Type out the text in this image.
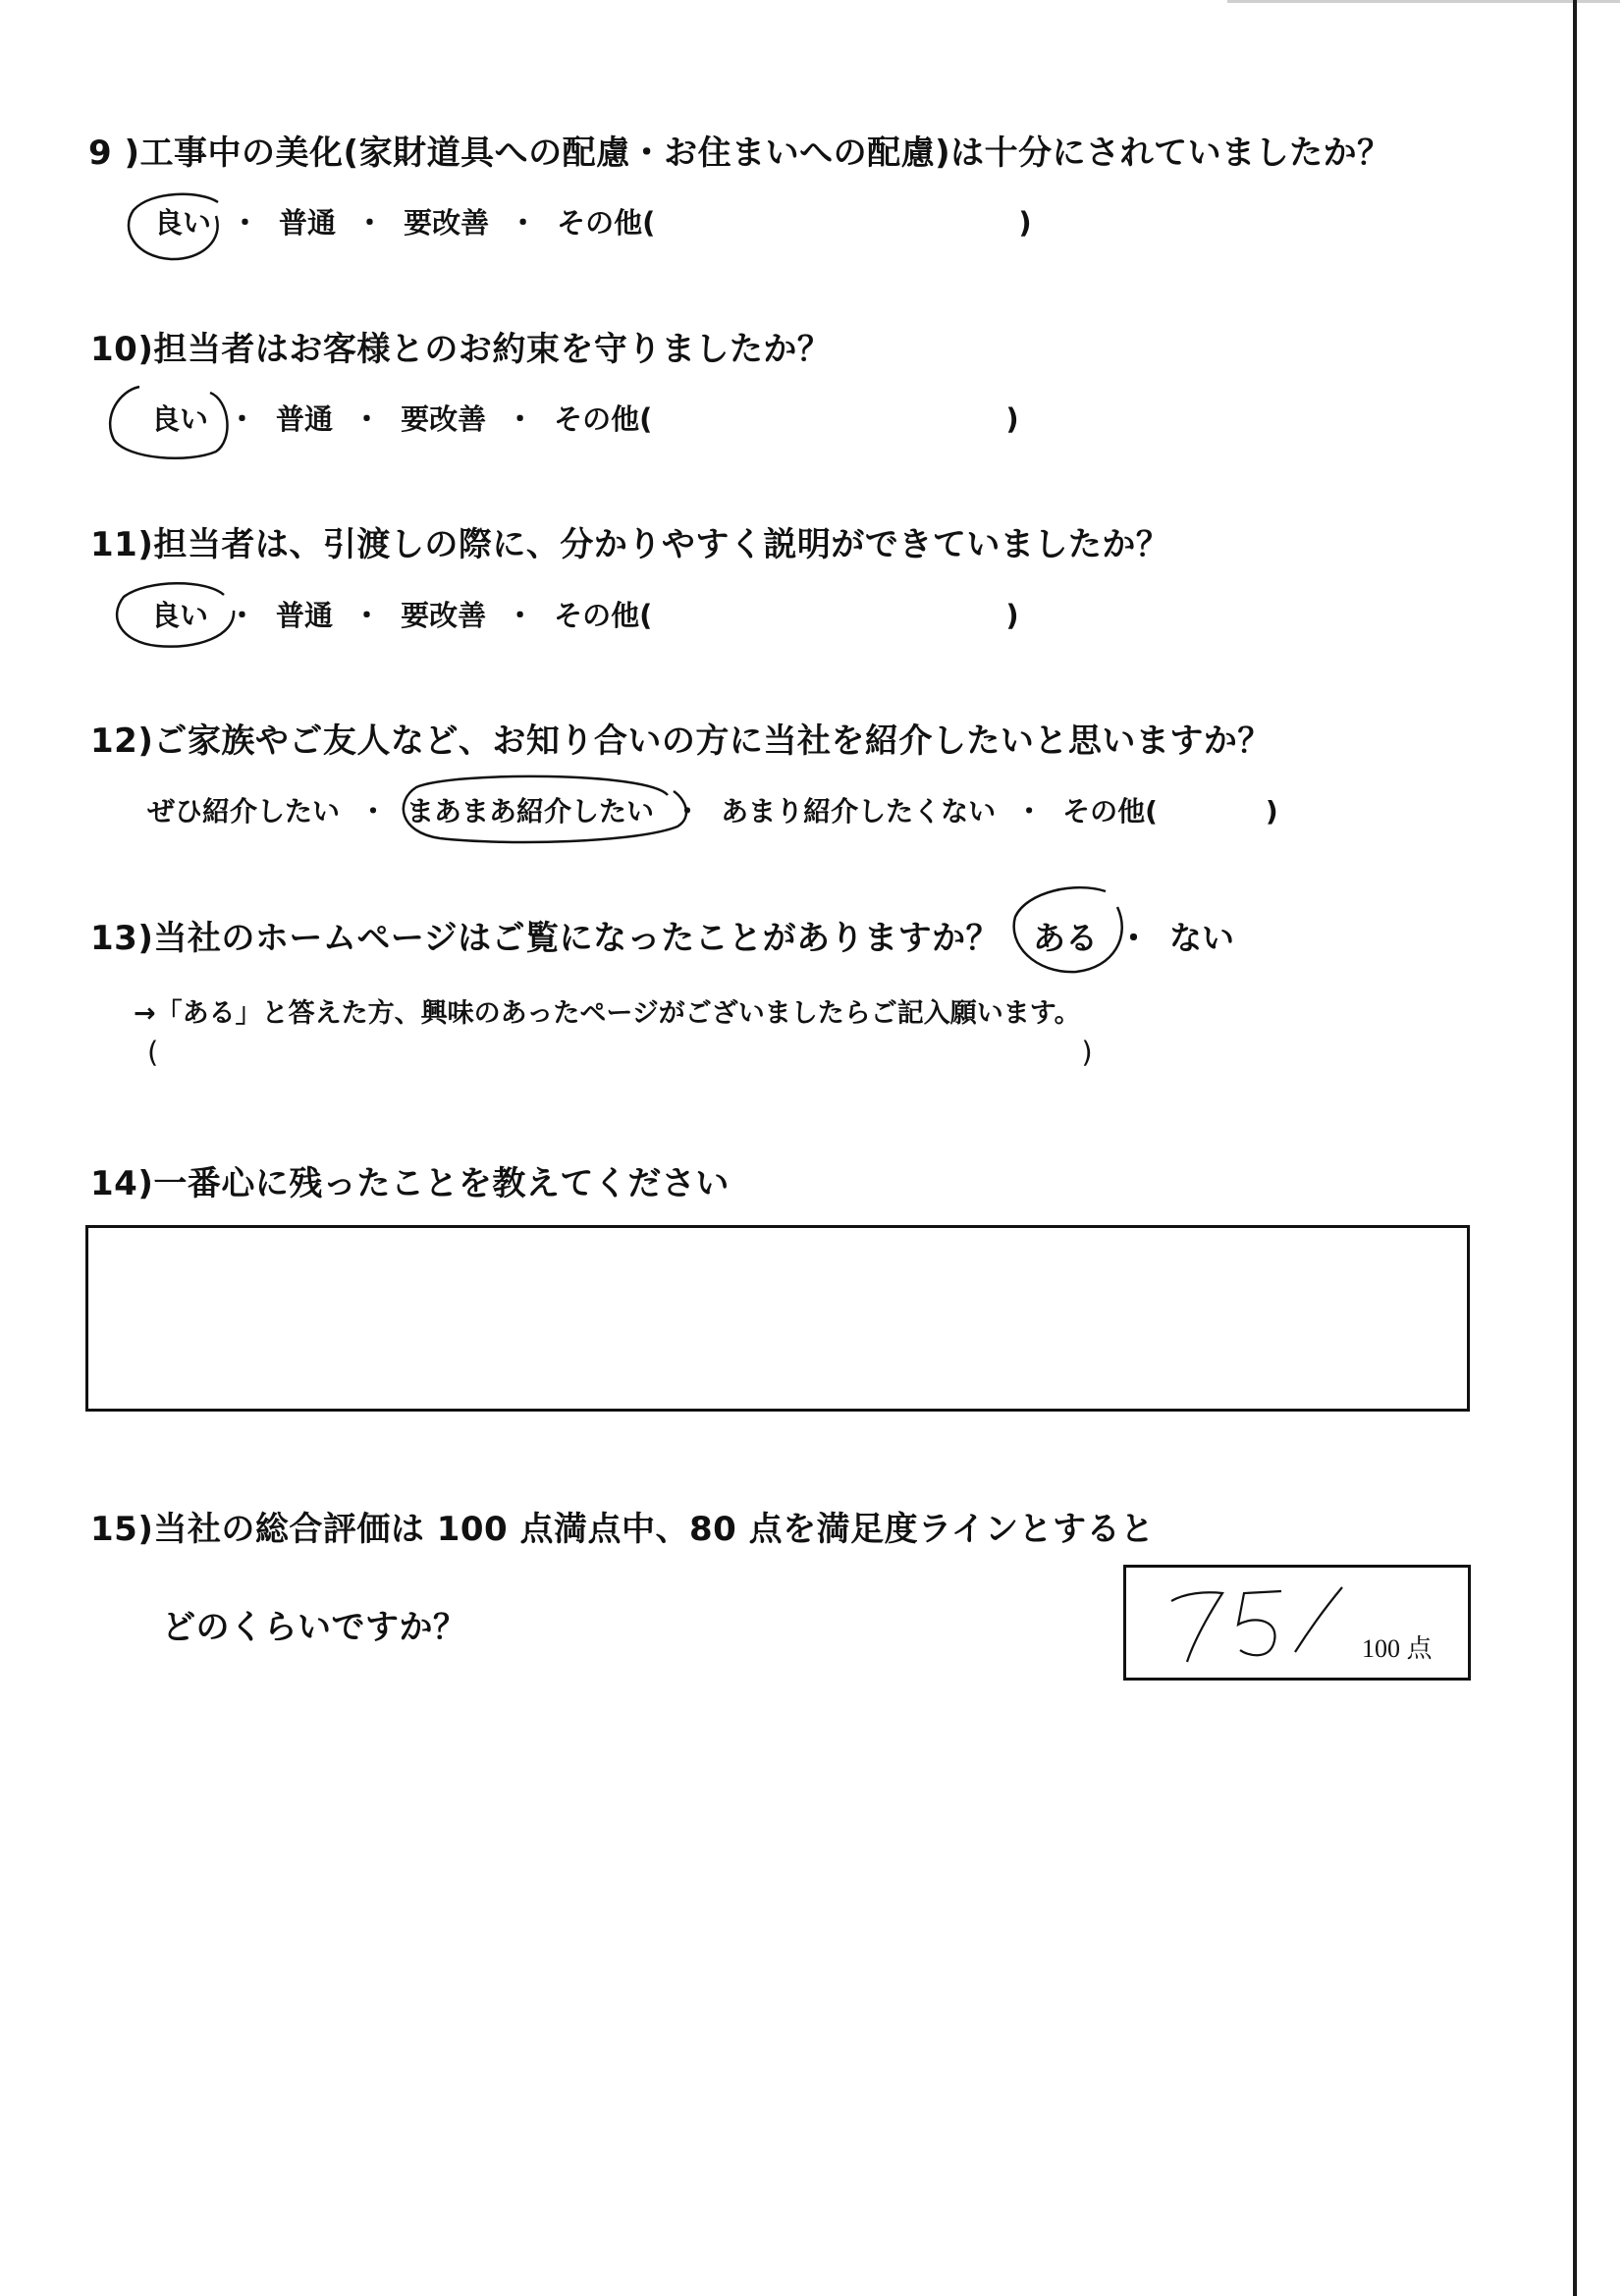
9 )工事中の美化(家財道具への配慮・お住まいへの配慮)は十分にされていましたか？
良い ・ 普通 ・ 要改善 ・ その他(	)
10)担当者はお客様とのお約束を守りましたか？
良い ・ 普通 ・ 要改善 ・ その他(	)
11)担当者は、引渡しの際に、分かりやすく説明ができていましたか？
良い ・ 普通 ・ 要改善 ・ その他(	)
12)ご家族やご友人など、お知り合いの方に当社を紹介したいと思いますか？
ぜひ紹介したい ・ まあまあ紹介したい ・ あまり紹介したくない ・ その他(	)
13)当社のホームページはご覧になったことがありますか？ ある ・ ない
→「ある」と答えた方、興味のあったページがございましたらご記入願います。
(	)
14)一番心に残ったことを教えてください
15)当社の総合評価は 100 点満点中、80 点を満足度ラインとすると
どのくらいですか？	75	100 点
